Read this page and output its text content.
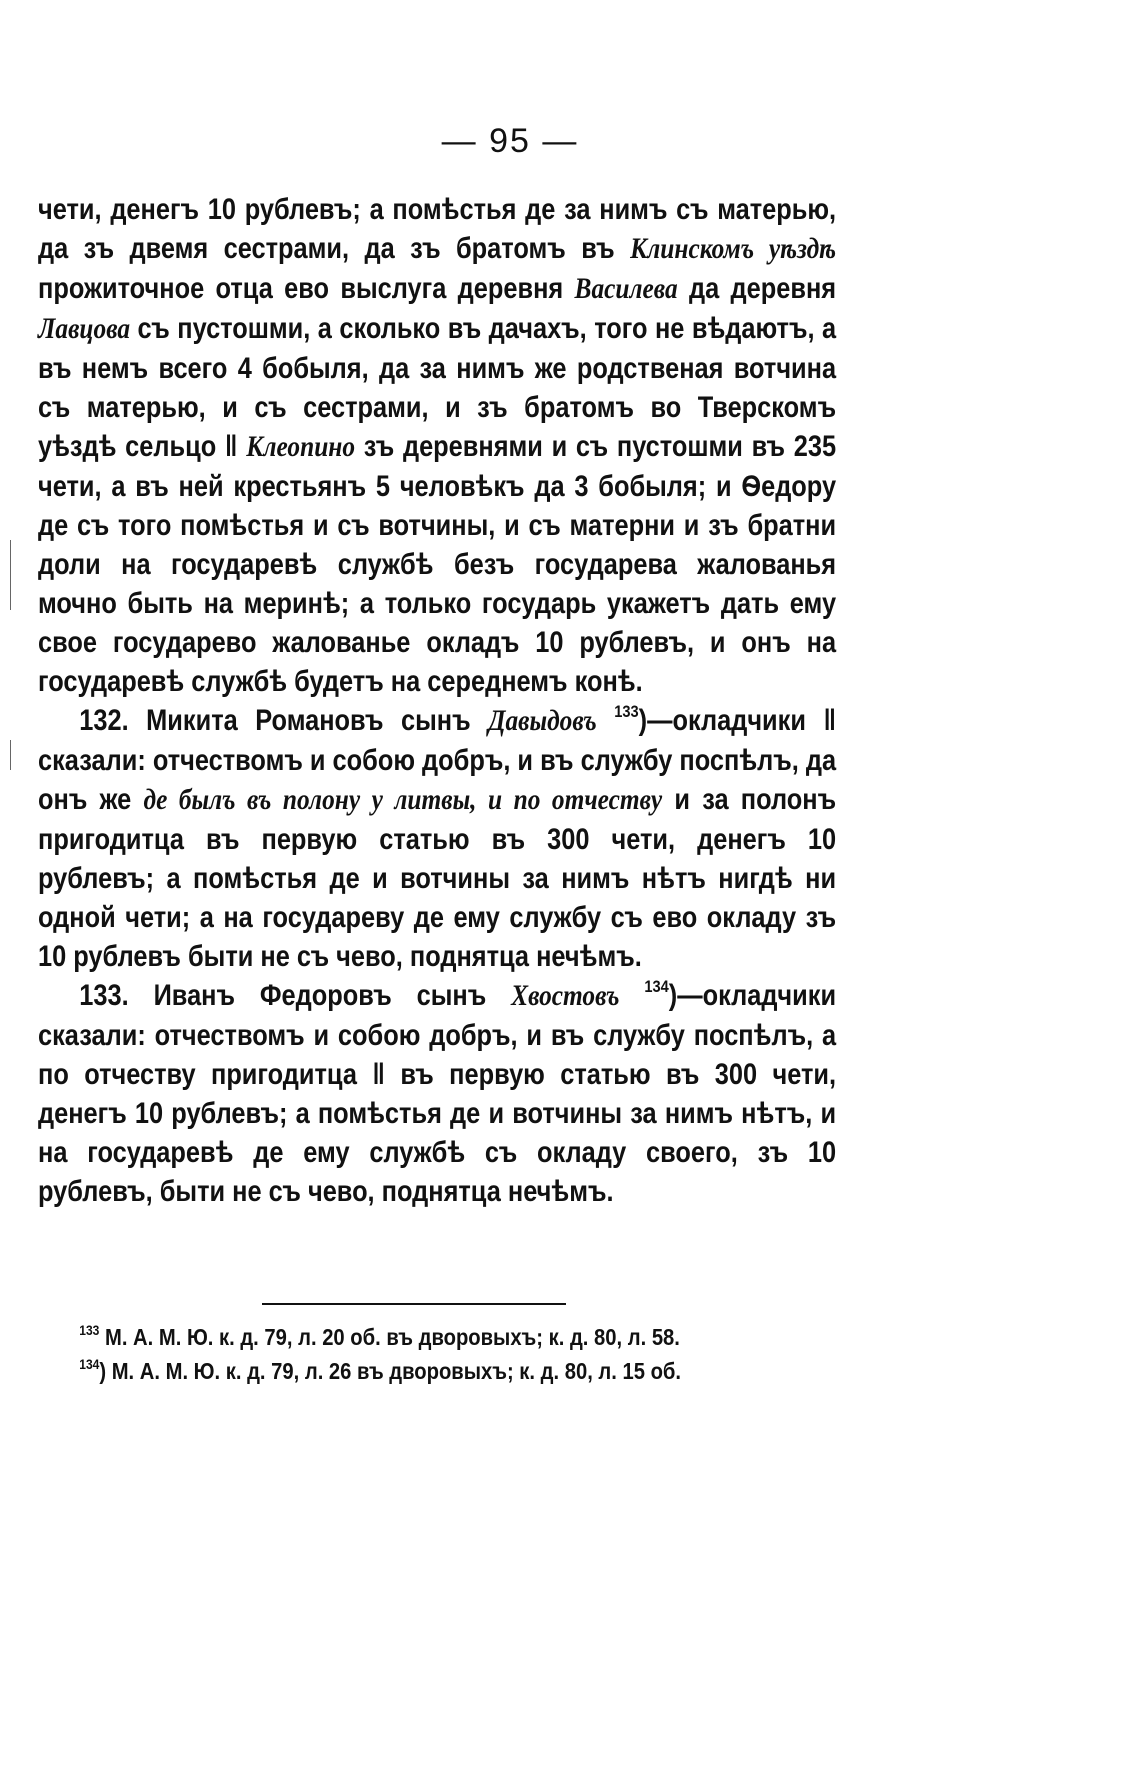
— 95 —

чети, денегъ 10 рублевъ; а помѣстья де за нимъ съ матерью, да зъ двемя сестрами, да зъ братомъ въ Клинскомъ уѣздѣ прожиточное отца ево выслуга деревня Василева да деревня Лавцова съ пустошми, а сколько въ дачахъ, того не вѣдаютъ, а въ немъ всего 4 бобыля, да за нимъ же родственая вотчина съ матерью, и съ сестрами, и зъ братомъ во Тверскомъ уѣздѣ сельцо ‖ Клеопино зъ деревнями и съ пустошми въ 235 чети, а въ ней крестьянъ 5 человѣкъ да 3 бобыля; и Ѳедору де съ того помѣстья и съ вотчины, и съ матерни и зъ братни доли на государевѣ службѣ безъ государева жалованья мочно быть на меринѣ; а только государь укажетъ дать ему свое государево жалованье окладъ 10 рублевъ, и онъ на государевѣ службѣ будетъ на середнемъ конѣ.

132. Микита Романовъ сынъ Давыдовъ $^{133}$)—окладчики ‖ сказали: отчествомъ и собою добръ, и въ службу поспѣлъ, да онъ же де былъ въ полону у литвы, и по отчеству и за полонъ пригодитца въ первую статью въ 300 чети, денегъ 10 рублевъ; а помѣстья де и вотчины за нимъ нѣтъ нигдѣ ни одной чети; а на государеву де ему службу съ ево окладу зъ 10 рублевъ быти не съ чево, поднятца нечѣмъ.

133. Иванъ Федоровъ сынъ Хвостовъ $^{134}$)—окладчики сказали: отчествомъ и собою добръ, и въ службу поспѣлъ, а по отчеству пригодитца ‖ въ первую статью въ 300 чети, денегъ 10 рублевъ; а помѣстья де и вотчины за нимъ нѣтъ, и на государевѣ де ему службѣ съ окладу своего, зъ 10 рублевъ, быти не съ чево, поднятца нечѣмъ.

$^{133}$ М. А. М. Ю. к. д. 79, л. 20 об. въ дворовыхъ; к. д. 80, л. 58.

$^{134}$) М. А. М. Ю. к. д. 79, л. 26 въ дворовыхъ; к. д. 80, л. 15 об.
